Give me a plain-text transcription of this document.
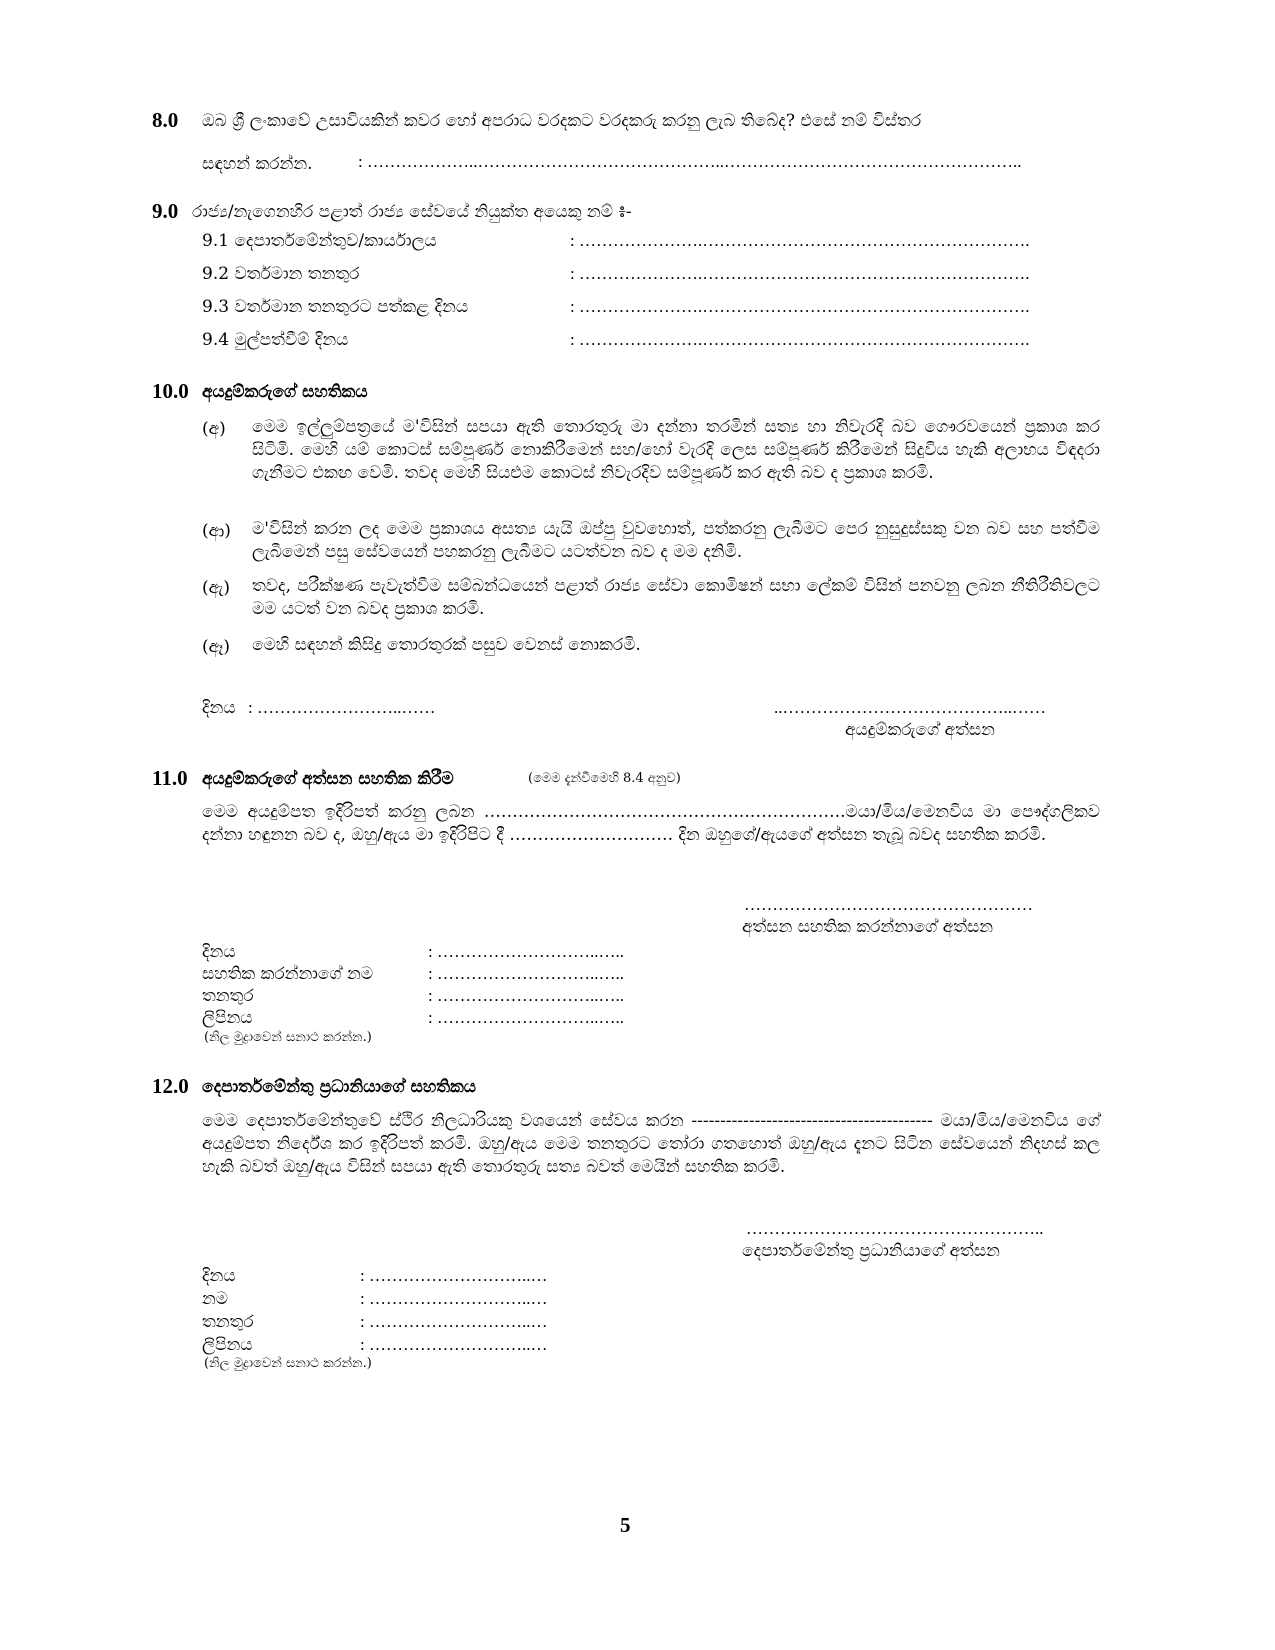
8.0 ඔබ ශ්‍රී ලංකාවේ උසාවියකින් කවර හෝ අපරාධ වරදකට වරදකරු කරනු ලැබ තිබේද? එසේ නම් විස්තර
සඳහන් කරන්න.	: ………………..……………………………………..……………………………………………..
9.0 රාජ්‍ය/නැගෙනහිර පළාත් රාජ්‍ය සේවයේ නියුක්ත අයෙකු නම් ៖-
9.1 දෙපාර්තමේන්තුව/කාර්යාලය	: ………………….………………………………………………….
9.2 වර්තමාන තනතුර	: ………………….………………………………………………….
9.3 වර්තමාන තනතුරට පත්කළ දිනය	: ………………….………………………………………………….
9.4 මුල්පත්වීම් දිනය	: ………………….………………………………………………….
10.0 අයදුම්කරුගේ සහතිකය
(අ) මෙම ඉල්ලුම්පත්‍රයේ ම'විසින් සපයා ඇති තොරතුරු මා දන්නා තරමින් සත්‍ය හා නිවැරදි බව ගෞරවයෙන් ප්‍රකාශ කර සිටිමි. මෙහි යම් කොටස් සම්පූර්ණ නොකිරීමෙන් සහ/හෝ වැරදි ලෙස සම්පූර්ණ කිරීමෙන් සිදුවිය හැකි අලාභය විඳදරා ගැනීමට එකඟ වෙමි. තවද මෙහි සියළුම කොටස් නිවැරදිව සම්පූර්ණ කර ඇති බව ද ප්‍රකාශ කරමි.
(ආ) ම'විසින් කරන ලද මෙම ප්‍රකාශය අසත්‍ය යැයි ඔප්පු වුවහොත්, පත්කරනු ලැබීමට පෙර නුසුදුස්සකු වන බව සහ පත්වීම ලැබීමෙන් පසු සේවයෙන් පහකරනු ලැබීමට යටත්වන බව ද මම දනිමි.
(ඇ) තවද, පරීක්ෂණ පැවැත්වීම සම්බන්ධයෙන් පළාත් රාජ්‍ය සේවා කොමිෂන් සභා ලේකම් විසින් පනවනු ලබන නීතිරීතිවලට මම යටත් වන බවද ප්‍රකාශ කරමි.
(ඈ) මෙහි සඳහන් කිසිදු තොරතුරක් පසුව වෙනස් නොකරමි.
දිනය : ……………………..……	..…………………………………..……
අයදුම්කරුගේ අත්සන
11.0 අයදුම්කරුගේ අත්සන සහතික කිරීම	(මෙම දැන්වීමෙහි 8.4 අනුව)
මෙම අයදුම්පත ඉදිරිපත් කරනු ලබන ………………………………………..……………..මයා/මිය/මෙනවිය මා පෞද්ගලිකව දන්නා හඳුනන බව ද, ඔහු/ඇය මා ඉදිරිපිට දී …………….…………. දින ඔහුගේ/ඇයගේ අත්සන තැබූ බවද සහතික කරමි.
……………………………………………
අත්සන සහතික කරන්නාගේ අත්සන
දිනය	: ………………………..…..
සහතික කරන්නාගේ නම	: ………………………..…..
තනතුර	: ………………………..…..
ලිපිනය	: ………………………..…..
(නිල මුද්‍රාවෙන් සනාථ කරන්න.)
12.0 දෙපාර්තමේන්තු ප්‍රධානියාගේ සහතිකය
මෙම දෙපාර්තමේන්තුවේ ස්ථිර නිලධාරියකු වශයෙන් සේවය කරන ------------------------------------------ මයා/මිය/මෙනවිය ගේ අයදුම්පත නිර්දේශ කර ඉදිරිපත් කරමි. ඔහු/ඇය මෙම තනතුරට තෝරා ගතහොත් ඔහු/ඇය දැනට සිටින සේවයෙන් නිදහස් කල හැකි බවත් ඔහු/ඇය විසින් සපයා ඇති තොරතුරු සත්‍ය බවත් මෙයින් සහතික කරමි.
……………………………………………..
දෙපාර්තමේන්තු ප්‍රධානියාගේ අත්සන
දිනය	: ………………………..…
නම	: ………………………..…
තනතුර	: ………………………..…
ලිපිනය	: ………………………..…
(නිල මුද්‍රාවෙන් සනාථ කරන්න.)
5
